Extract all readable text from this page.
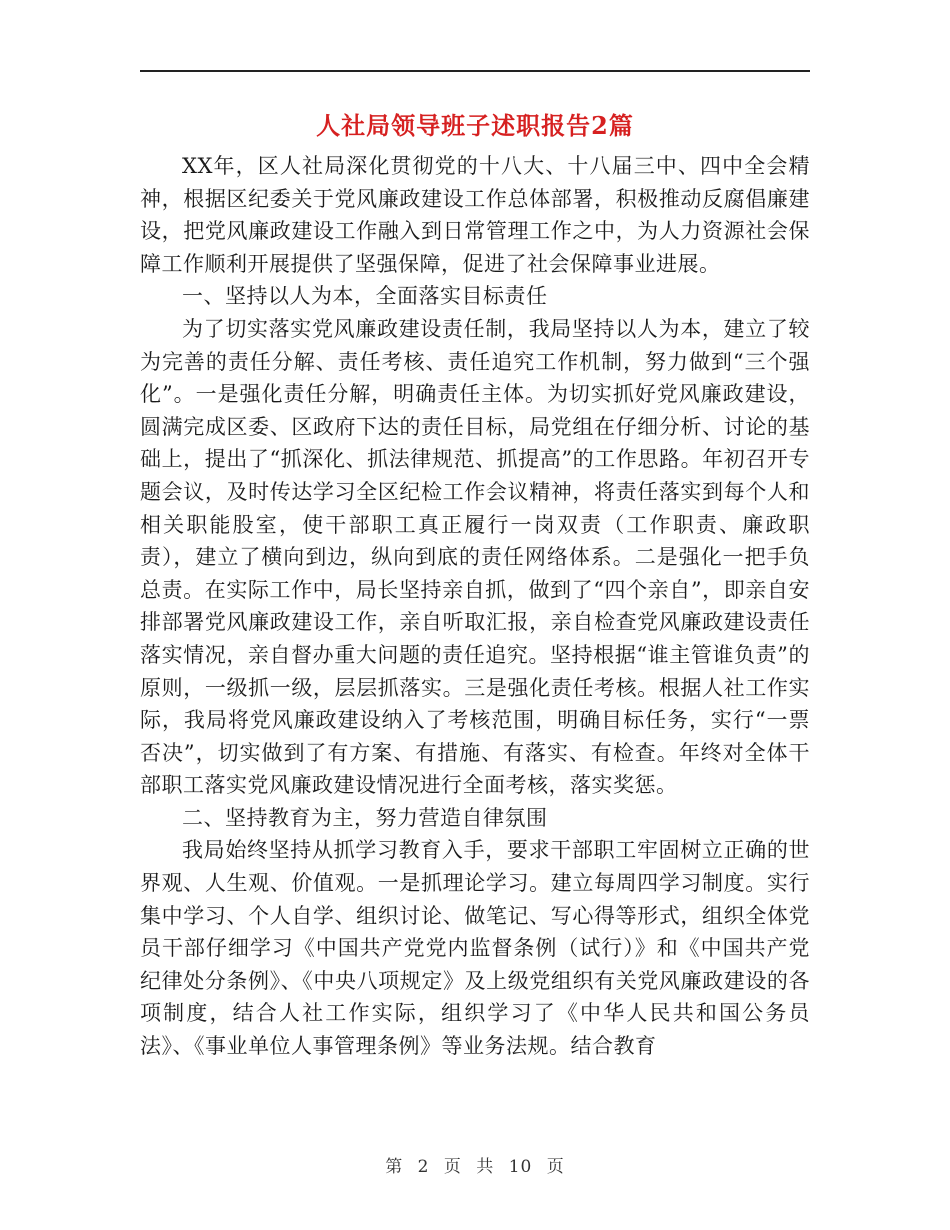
人社局领导班子述职报告2篇

XX年，区人社局深化贯彻党的十八大、十八届三中、四中全会精神，根据区纪委关于党风廉政建设工作总体部署，积极推动反腐倡廉建设，把党风廉政建设工作融入到日常管理工作之中，为人力资源社会保障工作顺利开展提供了坚强保障，促进了社会保障事业进展。

一、坚持以人为本，全面落实目标责任

为了切实落实党风廉政建设责任制，我局坚持以人为本，建立了较为完善的责任分解、责任考核、责任追究工作机制，努力做到“三个强化”。一是强化责任分解，明确责任主体。为切实抓好党风廉政建设，圆满完成区委、区政府下达的责任目标，局党组在仔细分析、讨论的基础上，提出了“抓深化、抓法律规范、抓提高”的工作思路。年初召开专题会议，及时传达学习全区纪检工作会议精神，将责任落实到每个人和相关职能股室，使干部职工真正履行一岗双责（工作职责、廉政职责），建立了横向到边，纵向到底的责任网络体系。二是强化一把手负总责。在实际工作中，局长坚持亲自抓，做到了“四个亲自”，即亲自安排部署党风廉政建设工作，亲自听取汇报，亲自检查党风廉政建设责任落实情况，亲自督办重大问题的责任追究。坚持根据“谁主管谁负责”的原则，一级抓一级，层层抓落实。三是强化责任考核。根据人社工作实际，我局将党风廉政建设纳入了考核范围，明确目标任务，实行“一票否决”，切实做到了有方案、有措施、有落实、有检查。年终对全体干部职工落实党风廉政建设情况进行全面考核，落实奖惩。

二、坚持教育为主，努力营造自律氛围

我局始终坚持从抓学习教育入手，要求干部职工牢固树立正确的世界观、人生观、价值观。一是抓理论学习。建立每周四学习制度。实行集中学习、个人自学、组织讨论、做笔记、写心得等形式，组织全体党员干部仔细学习《中国共产党党内监督条例（试行）》和《中国共产党纪律处分条例》、《中央八项规定》及上级党组织有关党风廉政建设的各项制度，结合人社工作实际，组织学习了《中华人民共和国公务员法》、《事业单位人事管理条例》等业务法规。结合教育

第 2 页 共 10 页
